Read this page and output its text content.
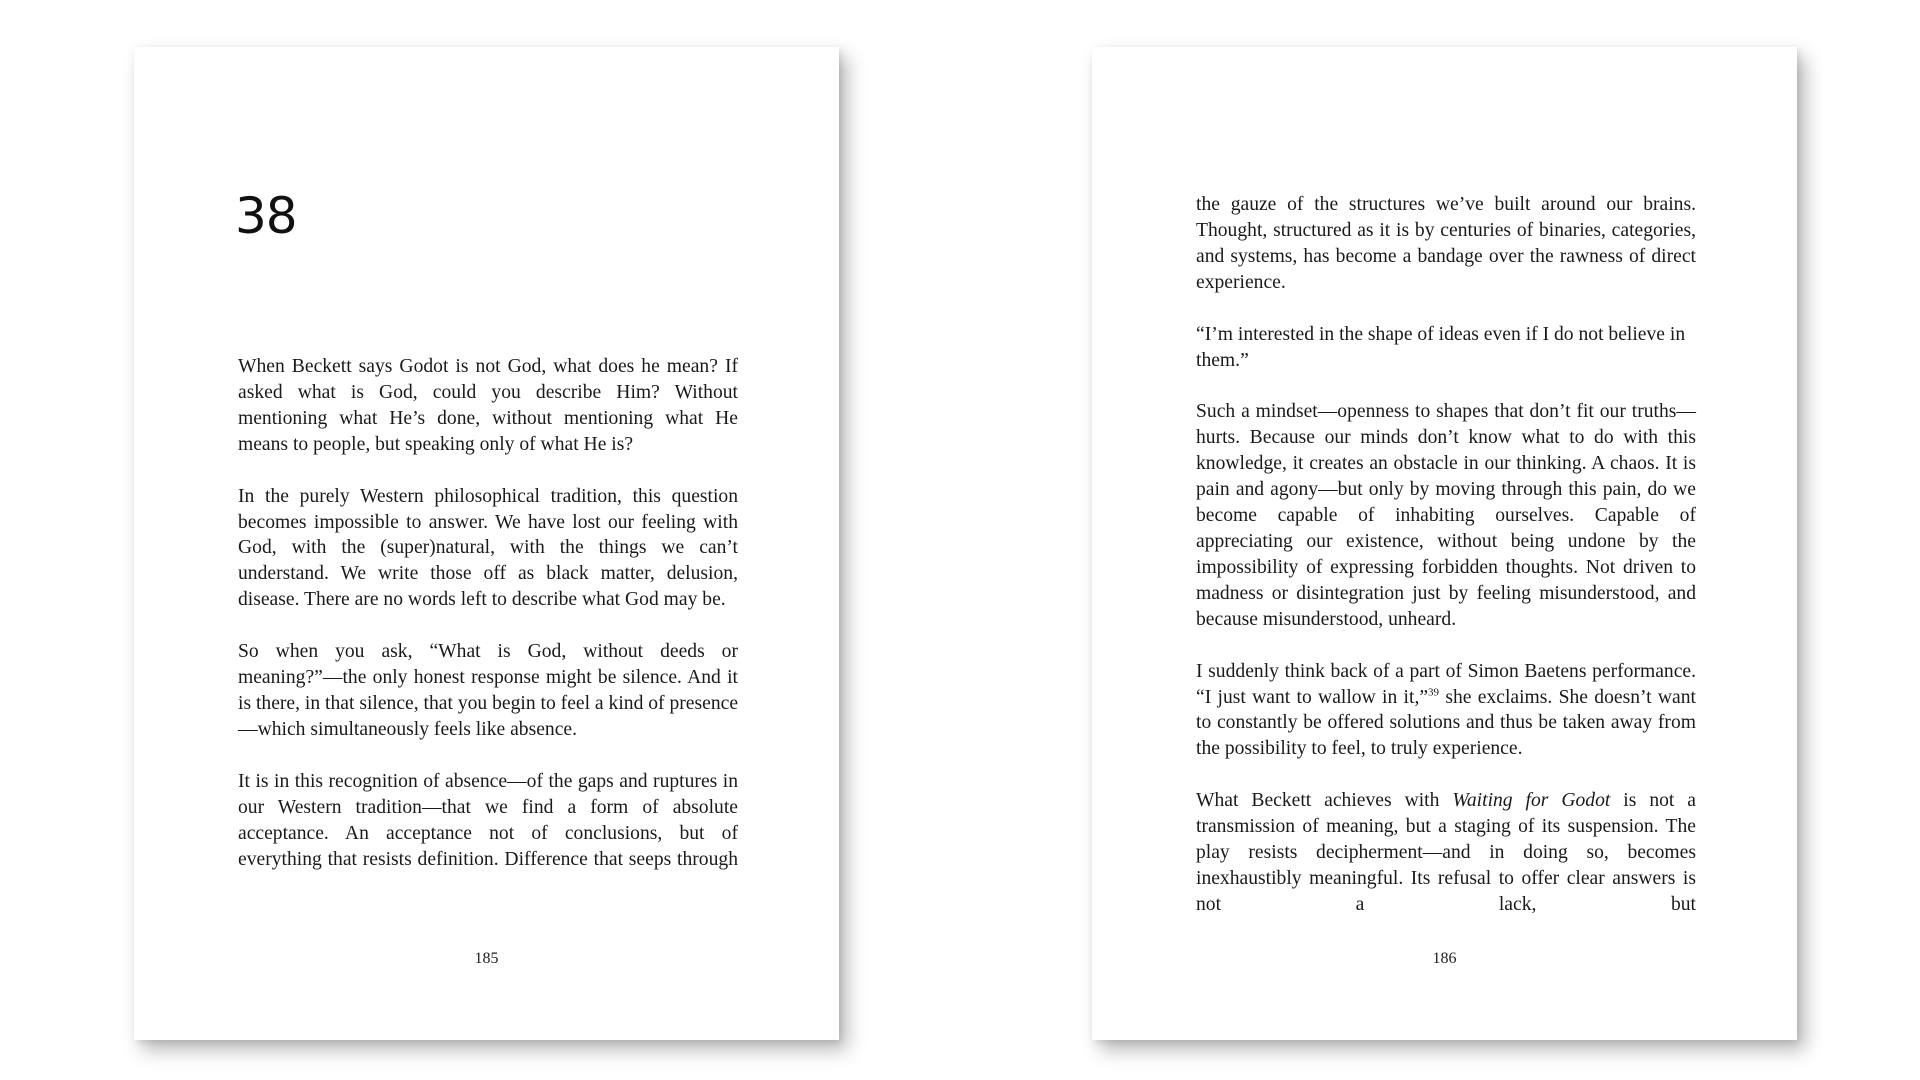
38

When Beckett says Godot is not God, what does he mean? If asked what is God, could you describe Him? Without mentioning what He’s done, without mentioning what He means to people, but speaking only of what He is?

In the purely Western philosophical tradition, this question becomes impossible to answer. We have lost our feeling with God, with the (super)natural, with the things we can’t understand. We write those off as black matter, delusion, disease. There are no words left to describe what God may be.

So when you ask, “What is God, without deeds or meaning?”—the only honest response might be silence. And it is there, in that silence, that you begin to feel a kind of presence—which simultaneously feels like absence.

It is in this recognition of absence—of the gaps and ruptures in our Western tradition—that we find a form of absolute acceptance. An acceptance not of conclusions, but of everything that resists definition. Difference that seeps through

185

the gauze of the structures we’ve built around our brains. Thought, structured as it is by centuries of binaries, categories, and systems, has become a bandage over the rawness of direct experience.

“I’m interested in the shape of ideas even if I do not believe in them.”

Such a mindset—openness to shapes that don’t fit our truths—hurts. Because our minds don’t know what to do with this knowledge, it creates an obstacle in our thinking. A chaos. It is pain and agony—but only by moving through this pain, do we become capable of inhabiting ourselves. Capable of appreciating our existence, without being undone by the impossibility of expressing forbidden thoughts. Not driven to madness or disintegration just by feeling misunderstood, and because misunderstood, unheard.

I suddenly think back of a part of Simon Baetens performance. “I just want to wallow in it,”$^{39}$ she exclaims. She doesn’t want to constantly be offered solutions and thus be taken away from the possibility to feel, to truly experience.

What Beckett achieves with Waiting for Godot is not a transmission of meaning, but a staging of its suspension. The play resists decipherment—and in doing so, becomes inexhaustibly meaningful. Its refusal to offer clear answers is not a lack, but

186
